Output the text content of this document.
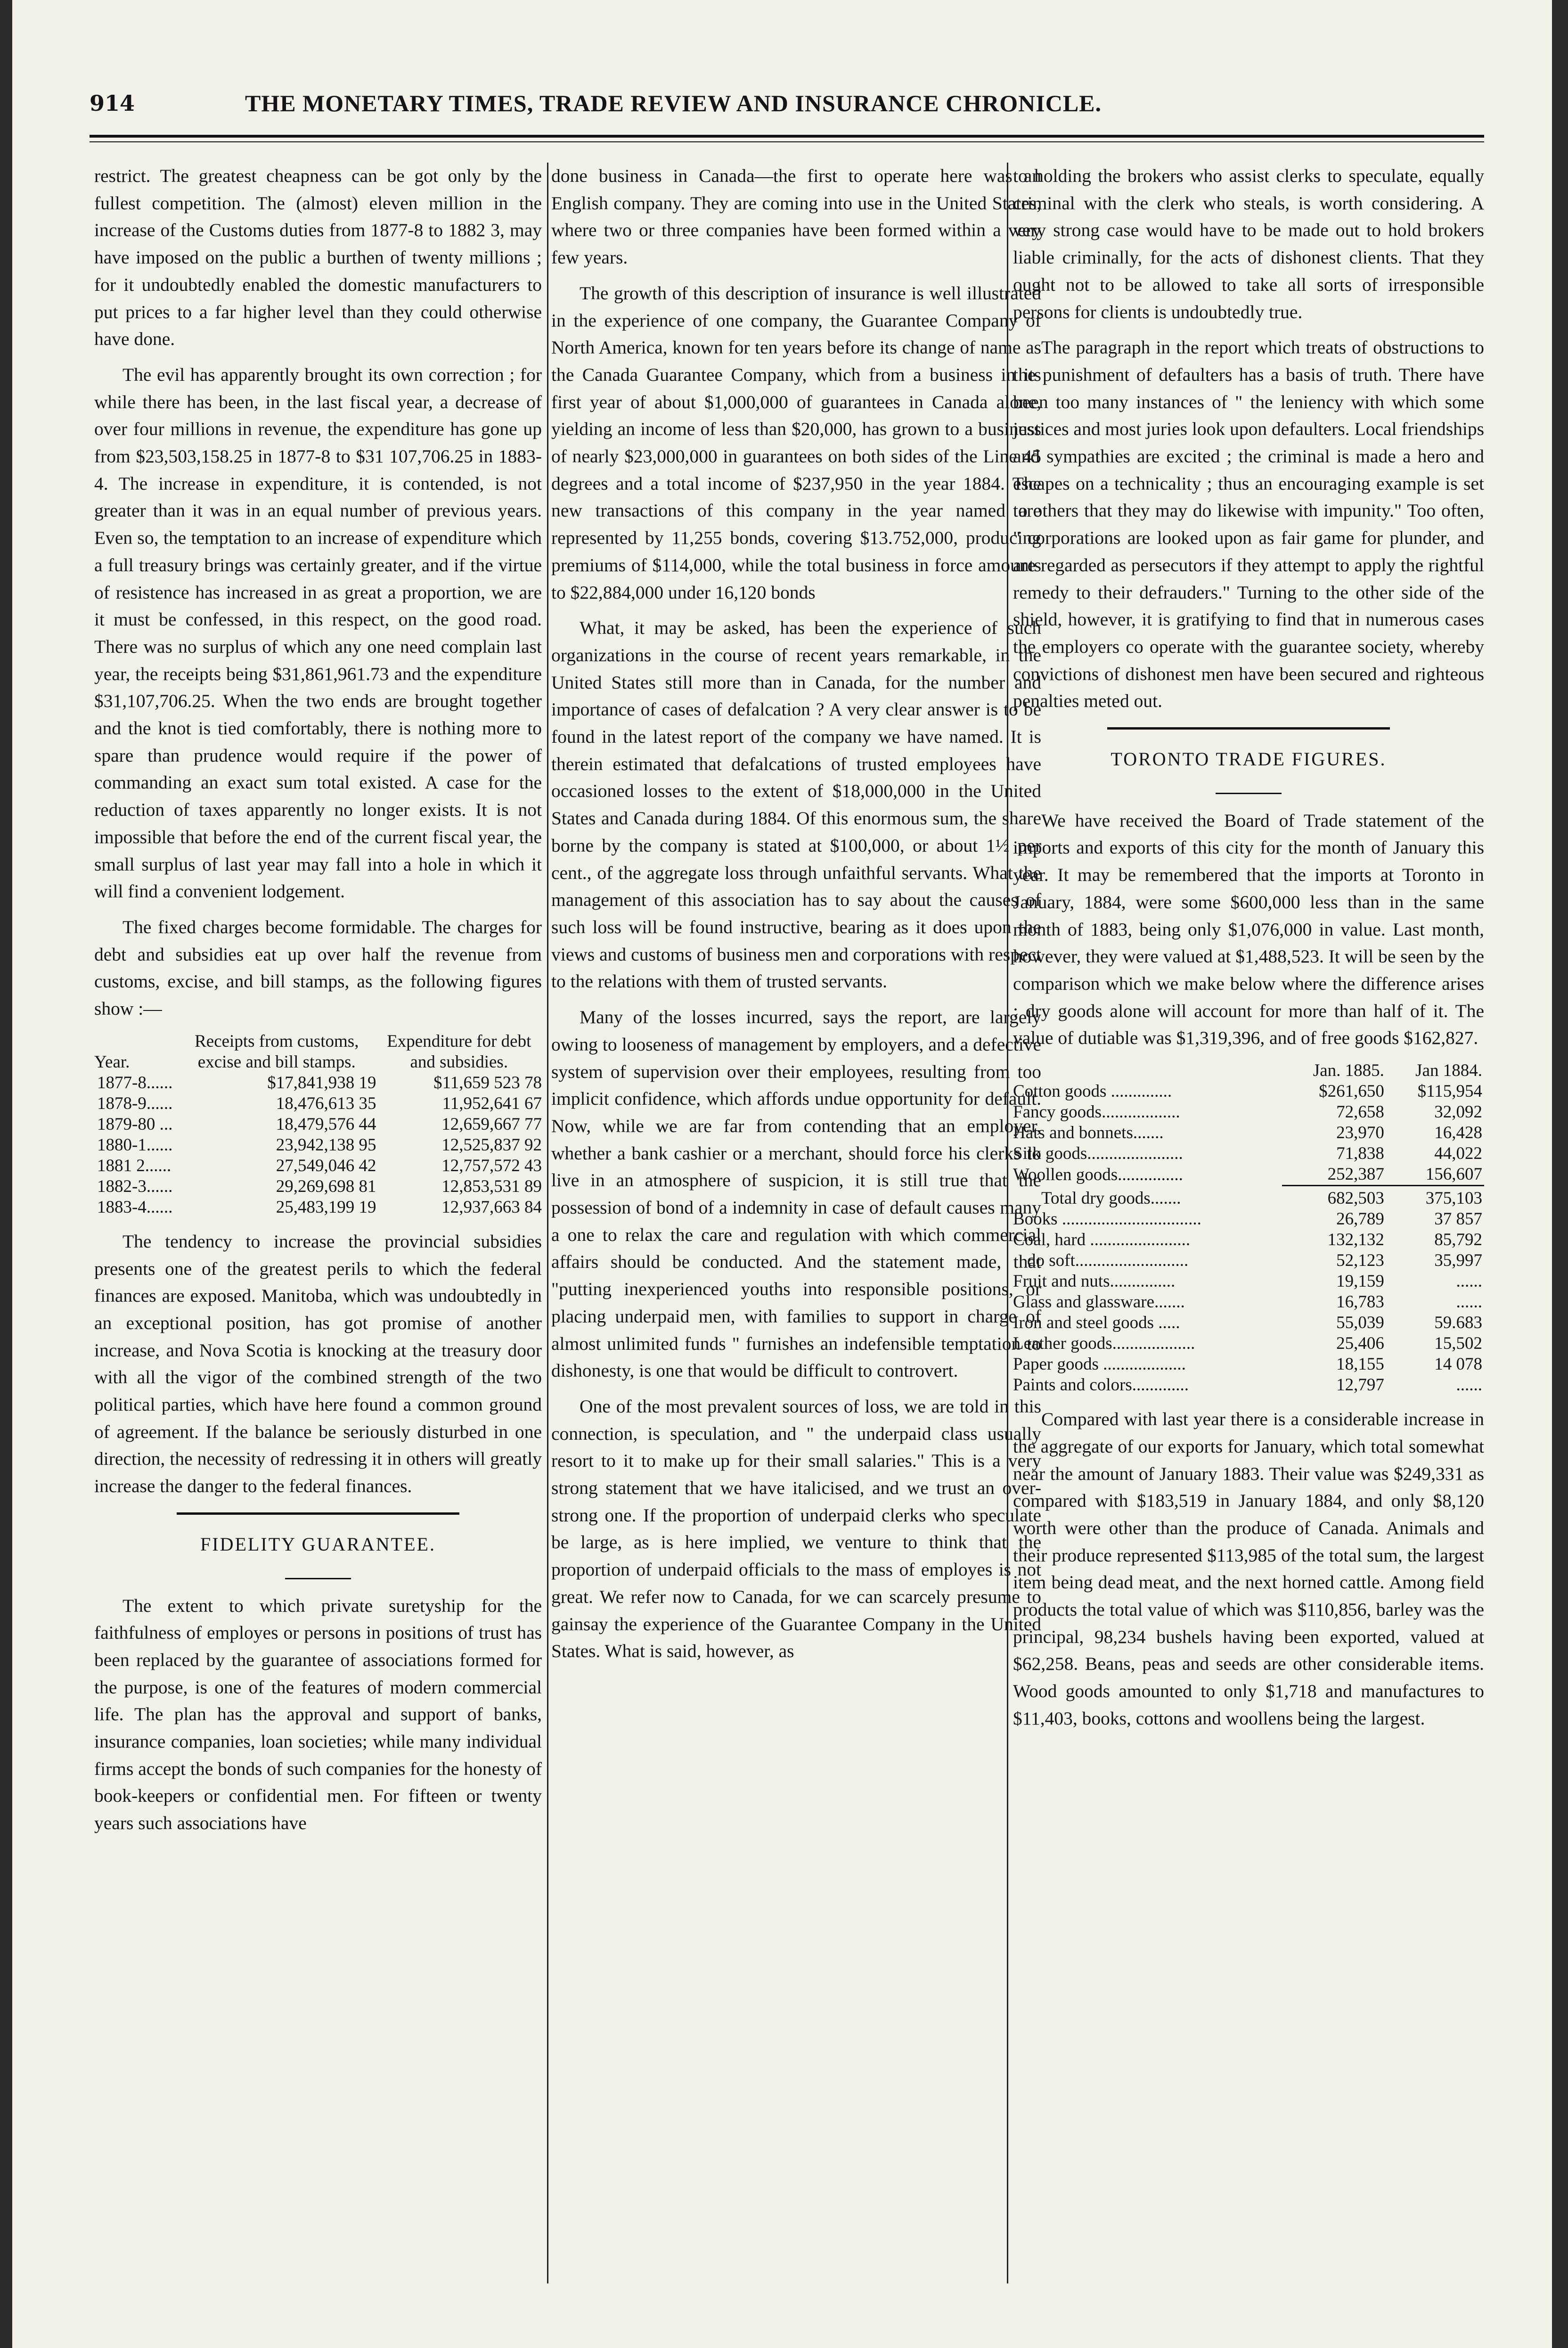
914	THE MONETARY TIMES, TRADE REVIEW AND INSURANCE CHRONICLE.

restrict. The greatest cheapness can be got only by the fullest competition. The (almost) eleven million in the increase of the Customs duties from 1877-8 to 1882 3, may have imposed on the public a burthen of twenty millions ; for it undoubtedly enabled the domestic manufacturers to put prices to a far higher level than they could otherwise have done.

The evil has apparently brought its own correction ; for while there has been, in the last fiscal year, a decrease of over four millions in revenue, the expenditure has gone up from $23,503,158.25 in 1877-8 to $31 107,706.25 in 1883-4. The increase in expenditure, it is contended, is not greater than it was in an equal number of previous years. Even so, the temptation to an increase of expenditure which a full treasury brings was certainly greater, and if the virtue of resistence has increased in as great a proportion, we are it must be confessed, in this respect, on the good road. There was no surplus of which any one need complain last year, the receipts being $31,861,961.73 and the expenditure $31,107,706.25. When the two ends are brought together and the knot is tied comfortably, there is nothing more to spare than prudence would require if the power of commanding an exact sum total existed. A case for the reduction of taxes apparently no longer exists. It is not impossible that before the end of the current fiscal year, the small surplus of last year may fall into a hole in which it will find a convenient lodgement.

The fixed charges become formidable. The charges for debt and subsidies eat up over half the revenue from customs, excise, and bill stamps, as the following figures show :—

Year.	Receipts from customs, excise and bill stamps.	Expenditure for debt and subsidies.
1877-8......	$17,841,938 19	$11,659 523 78
1878-9......	18,476,613 35	11,952,641 67
1879-80 ...	18,479,576 44	12,659,667 77
1880-1......	23,942,138 95	12,525,837 92
1881 2......	27,549,046 42	12,757,572 43
1882-3......	29,269,698 81	12,853,531 89
1883-4......	25,483,199 19	12,937,663 84

The tendency to increase the provincial subsidies presents one of the greatest perils to which the federal finances are exposed. Manitoba, which was undoubtedly in an exceptional position, has got promise of another increase, and Nova Scotia is knocking at the treasury door with all the vigor of the combined strength of the two political parties, which have here found a common ground of agreement. If the balance be seriously disturbed in one direction, the necessity of redressing it in others will greatly increase the danger to the federal finances.

FIDELITY GUARANTEE.

The extent to which private suretyship for the faithfulness of employes or persons in positions of trust has been replaced by the guarantee of associations formed for the purpose, is one of the features of modern commercial life. The plan has the approval and support of banks, insurance companies, loan societies; while many individual firms accept the bonds of such companies for the honesty of book-keepers or confidential men. For fifteen or twenty years such associations have

done business in Canada—the first to operate here was an English company. They are coming into use in the United States, where two or three companies have been formed within a very few years.

The growth of this description of insurance is well illustrated in the experience of one company, the Guarantee Company of North America, known for ten years before its change of name as the Canada Guarantee Company, which from a business in its first year of about $1,000,000 of guarantees in Canada alone, yielding an income of less than $20,000, has grown to a business of nearly $23,000,000 in guarantees on both sides of the Line 45 degrees and a total income of $237,950 in the year 1884. The new transactions of this company in the year named are represented by 11,255 bonds, covering $13.752,000, producing premiums of $114,000, while the total business in force amounts to $22,884,000 under 16,120 bonds

What, it may be asked, has been the experience of such organizations in the course of recent years remarkable, in the United States still more than in Canada, for the number and importance of cases of defalcation ? A very clear answer is to be found in the latest report of the company we have named. It is therein estimated that defalcations of trusted employees have occasioned losses to the extent of $18,000,000 in the United States and Canada during 1884. Of this enormous sum, the share borne by the company is stated at $100,000, or about 1½ per cent., of the aggregate loss through unfaithful servants. What the management of this association has to say about the causes of such loss will be found instructive, bearing as it does upon the views and customs of business men and corporations with respect to the relations with them of trusted servants.

Many of the losses incurred, says the report, are largely owing to looseness of management by employers, and a defective system of supervision over their employees, resulting from too implicit confidence, which affords undue opportunity for default. Now, while we are far from contending that an employer, whether a bank cashier or a merchant, should force his clerks to live in an atmosphere of suspicion, it is still true that the possession of bond of a indemnity in case of default causes many a one to relax the care and regulation with which commercial affairs should be conducted. And the statement made, that "putting inexperienced youths into responsible positions, or placing underpaid men, with families to support in charge of almost unlimited funds " furnishes an indefensible temptation to dishonesty, is one that would be difficult to controvert.

One of the most prevalent sources of loss, we are told in this connection, is speculation, and " the underpaid class usually resort to it to make up for their small salaries." This is a very strong statement that we have italicised, and we trust an over-strong one. If the proportion of underpaid clerks who speculate be large, as is here implied, we venture to think that the proportion of underpaid officials to the mass of employes is not great. We refer now to Canada, for we can scarcely presume to gainsay the experience of the Guarantee Company in the United States. What is said, however, as

to holding the brokers who assist clerks to speculate, equally criminal with the clerk who steals, is worth considering. A very strong case would have to be made out to hold brokers liable criminally, for the acts of dishonest clients. That they ought not to be allowed to take all sorts of irresponsible persons for clients is undoubtedly true.

The paragraph in the report which treats of obstructions to the punishment of defaulters has a basis of truth. There have been too many instances of " the leniency with which some justices and most juries look upon defaulters. Local friendships and sympathies are excited ; the criminal is made a hero and escapes on a technicality ; thus an encouraging example is set to others that they may do likewise with impunity." Too often, " corporations are looked upon as fair game for plunder, and are regarded as persecutors if they attempt to apply the rightful remedy to their defrauders." Turning to the other side of the shield, however, it is gratifying to find that in numerous cases the employers co operate with the guarantee society, whereby convictions of dishonest men have been secured and righteous penalties meted out.

TORONTO TRADE FIGURES.

We have received the Board of Trade statement of the imports and exports of this city for the month of January this year. It may be remembered that the imports at Toronto in January, 1884, were some $600,000 less than in the same month of 1883, being only $1,076,000 in value. Last month, however, they were valued at $1,488,523. It will be seen by the comparison which we make below where the difference arises : dry goods alone will account for more than half of it. The value of dutiable was $1,319,396, and of free goods $162,827.

	Jan. 1885.	Jan 1884.
Cotton goods ..............	$261,650	$115,954
Fancy goods..................	72,658	32,092
Hats and bonnets.......	23,970	16,428
Silk goods......................	71,838	44,022
Woollen goods...............	252,387	156,607

Total dry goods.......	682,503	375,103
Books ................................	26,789	37 857
Coal, hard .......................	132,132	85,792
do soft..........................	52,123	35,997
Fruit and nuts...............	19,159	......
Glass and glassware.......	16,783	......
Iron and steel goods .....	55,039	59.683
Leather goods...................	25,406	15,502
Paper goods ...................	18,155	14 078
Paints and colors.............	12,797	......

Compared with last year there is a considerable increase in the aggregate of our exports for January, which total somewhat near the amount of January 1883. Their value was $249,331 as compared with $183,519 in January 1884, and only $8,120 worth were other than the produce of Canada. Animals and their produce represented $113,985 of the total sum, the largest item being dead meat, and the next horned cattle. Among field products the total value of which was $110,856, barley was the principal, 98,234 bushels having been exported, valued at $62,258. Beans, peas and seeds are other considerable items. Wood goods amounted to only $1,718 and manufactures to $11,403, books, cottons and woollens being the largest.
